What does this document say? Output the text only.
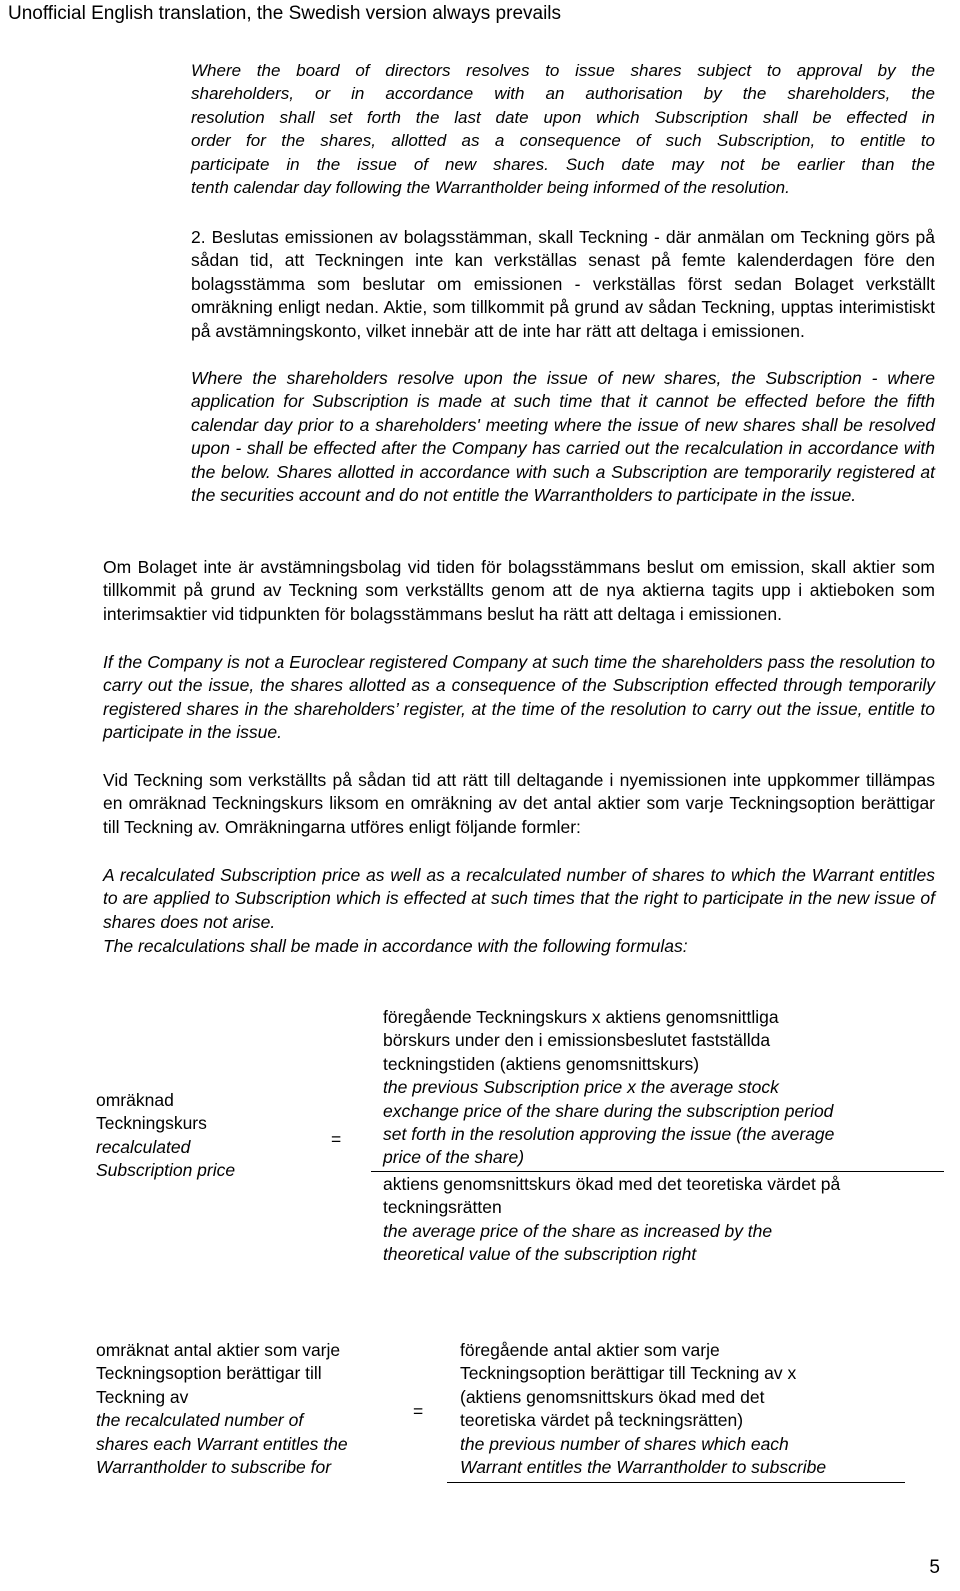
Unofficial English translation, the Swedish version always prevails

Where the board of directors resolves to issue shares subject to approval by the
shareholders, or in accordance with an authorisation by the shareholders, the
resolution shall set forth the last date upon which Subscription shall be effected in
order for the shares, allotted as a consequence of such Subscription, to entitle to
participate in the issue of new shares. Such date may not be earlier than the
tenth calendar day following the Warrantholder being informed of the resolution.

2. Beslutas emissionen av bolagsstämman, skall Teckning - där anmälan om Teckning görs på sådan tid, att Teckningen inte kan verkställas senast på femte kalenderdagen före den bolagsstämma som beslutar om emissionen - verkställas först sedan Bolaget verkställt omräkning enligt nedan. Aktie, som tillkommit på grund av sådan Teckning, upptas interimistiskt på avstämningskonto, vilket innebär att de inte har rätt att deltaga i emissionen.

Where the shareholders resolve upon the issue of new shares, the Subscription - where application for Subscription is made at such time that it cannot be effected before the fifth calendar day prior to a shareholders' meeting where the issue of new shares shall be resolved upon - shall be effected after the Company has carried out the recalculation in accordance with the below. Shares allotted in accordance with such a Subscription are temporarily registered at the securities account and do not entitle the Warrantholders to participate in the issue.

Om Bolaget inte är avstämningsbolag vid tiden för bolagsstämmans beslut om emission, skall aktier som tillkommit på grund av Teckning som verkställts genom att de nya aktierna tagits upp i aktieboken som interimsaktier vid tidpunkten för bolagsstämmans beslut ha rätt att deltaga i emissionen.

If the Company is not a Euroclear registered Company at such time the shareholders pass the resolution to carry out the issue, the shares allotted as a consequence of the Subscription effected through temporarily registered shares in the shareholders’ register, at the time of the resolution to carry out the issue, entitle to participate in the issue.

Vid Teckning som verkställts på sådan tid att rätt till deltagande i nyemissionen inte uppkommer tillämpas en omräknad Teckningskurs liksom en omräkning av det antal aktier som varje Teckningsoption berättigar till Teckning av. Omräkningarna utföres enligt följande formler:

A recalculated Subscription price as well as a recalculated number of shares to which the Warrant entitles to are applied to Subscription which is effected at such times that the right to participate in the new issue of shares does not arise.

The recalculations shall be made in accordance with the following formulas:

omräknad
Teckningskurs
recalculated
Subscription price

=

föregående Teckningskurs x aktiens genomsnittliga
börskurs under den i emissionsbeslutet fastställda
teckningstiden (aktiens genomsnittskurs)
the previous Subscription price x the average stock
exchange price of the share during the subscription period
set forth in the resolution approving the issue (the average
price of the share)

aktiens genomsnittskurs ökad med det teoretiska värdet på
teckningsrätten
the average price of the share as increased by the
theoretical value of the subscription right

omräknat antal aktier som varje
Teckningsoption berättigar till
Teckning av
the recalculated number of
shares each Warrant entitles the
Warrantholder to subscribe for

=

föregående antal aktier som varje
Teckningsoption berättigar till Teckning av x
(aktiens genomsnittskurs ökad med det
teoretiska värdet på teckningsrätten)
the previous number of shares which each
Warrant entitles the Warrantholder to subscribe

5
